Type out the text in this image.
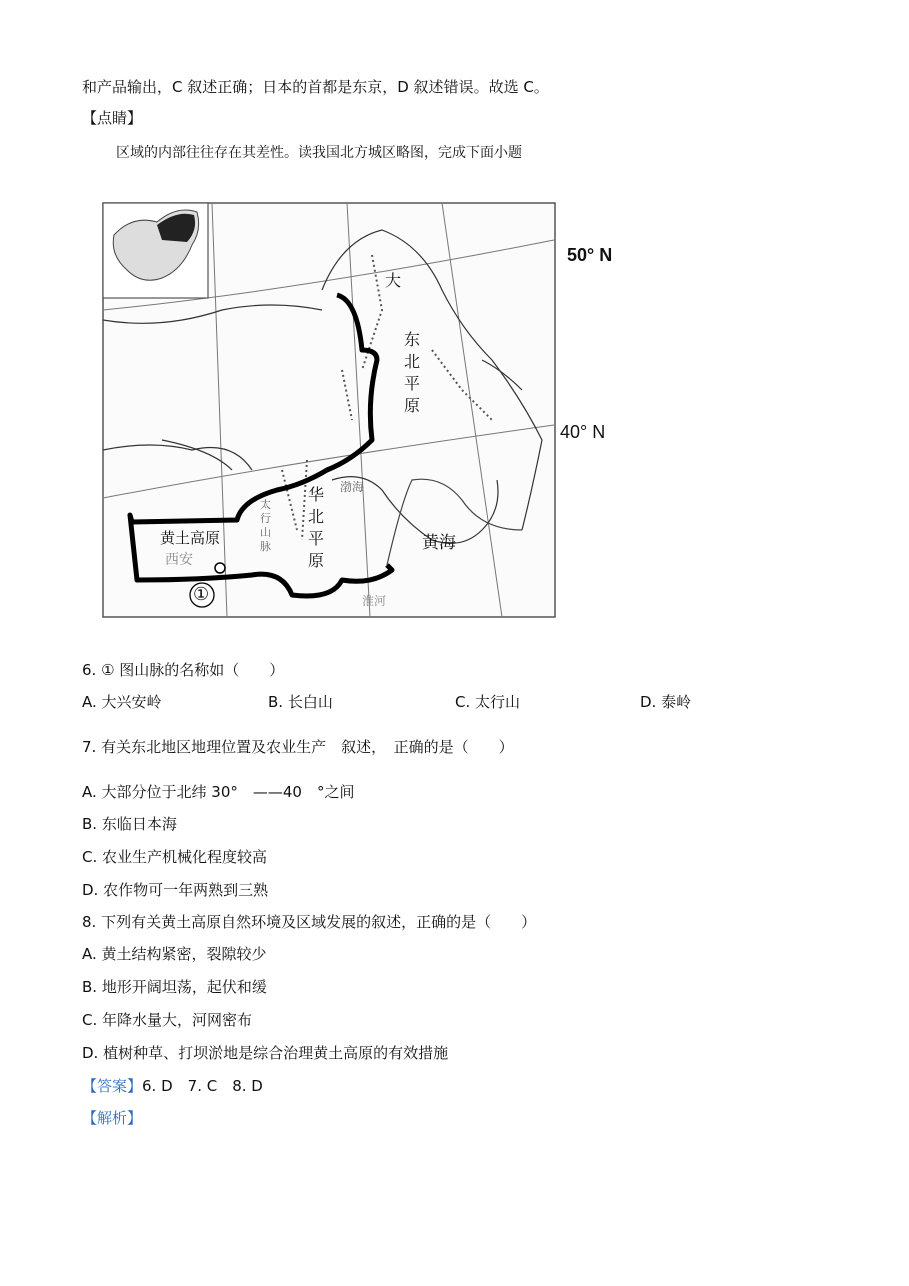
和产品输出，C 叙述正确；日本的首都是东京，D 叙述错误。故选 C。
【点睛】
区域的内部往往存在其差性。读我国北方城区略图，完成下面小题
50° N
40° N
大
东北平原
华北平原
黄土高原
西安
太行山脉
渤海
黄海
淮河
①
6. ① 图山脉的名称如（　　）
A. 大兴安岭	B. 长白山	C. 太行山	D. 泰岭
7. 有关东北地区地理位置及农业生产　叙述，　正确的是（　　）
A. 大部分位于北纬 30°　——40　°之间
B. 东临日本海
C. 农业生产机械化程度较高
D. 农作物可一年两熟到三熟
8. 下列有关黄土高原自然环境及区域发展的叙述，正确的是（　　）
A. 黄土结构紧密，裂隙较少
B. 地形开阔坦荡，起伏和缓
C. 年降水量大，河网密布
D. 植树种草、打坝淤地是综合治理黄土高原的有效措施
【答案】6. D　7. C　8. D
【解析】
